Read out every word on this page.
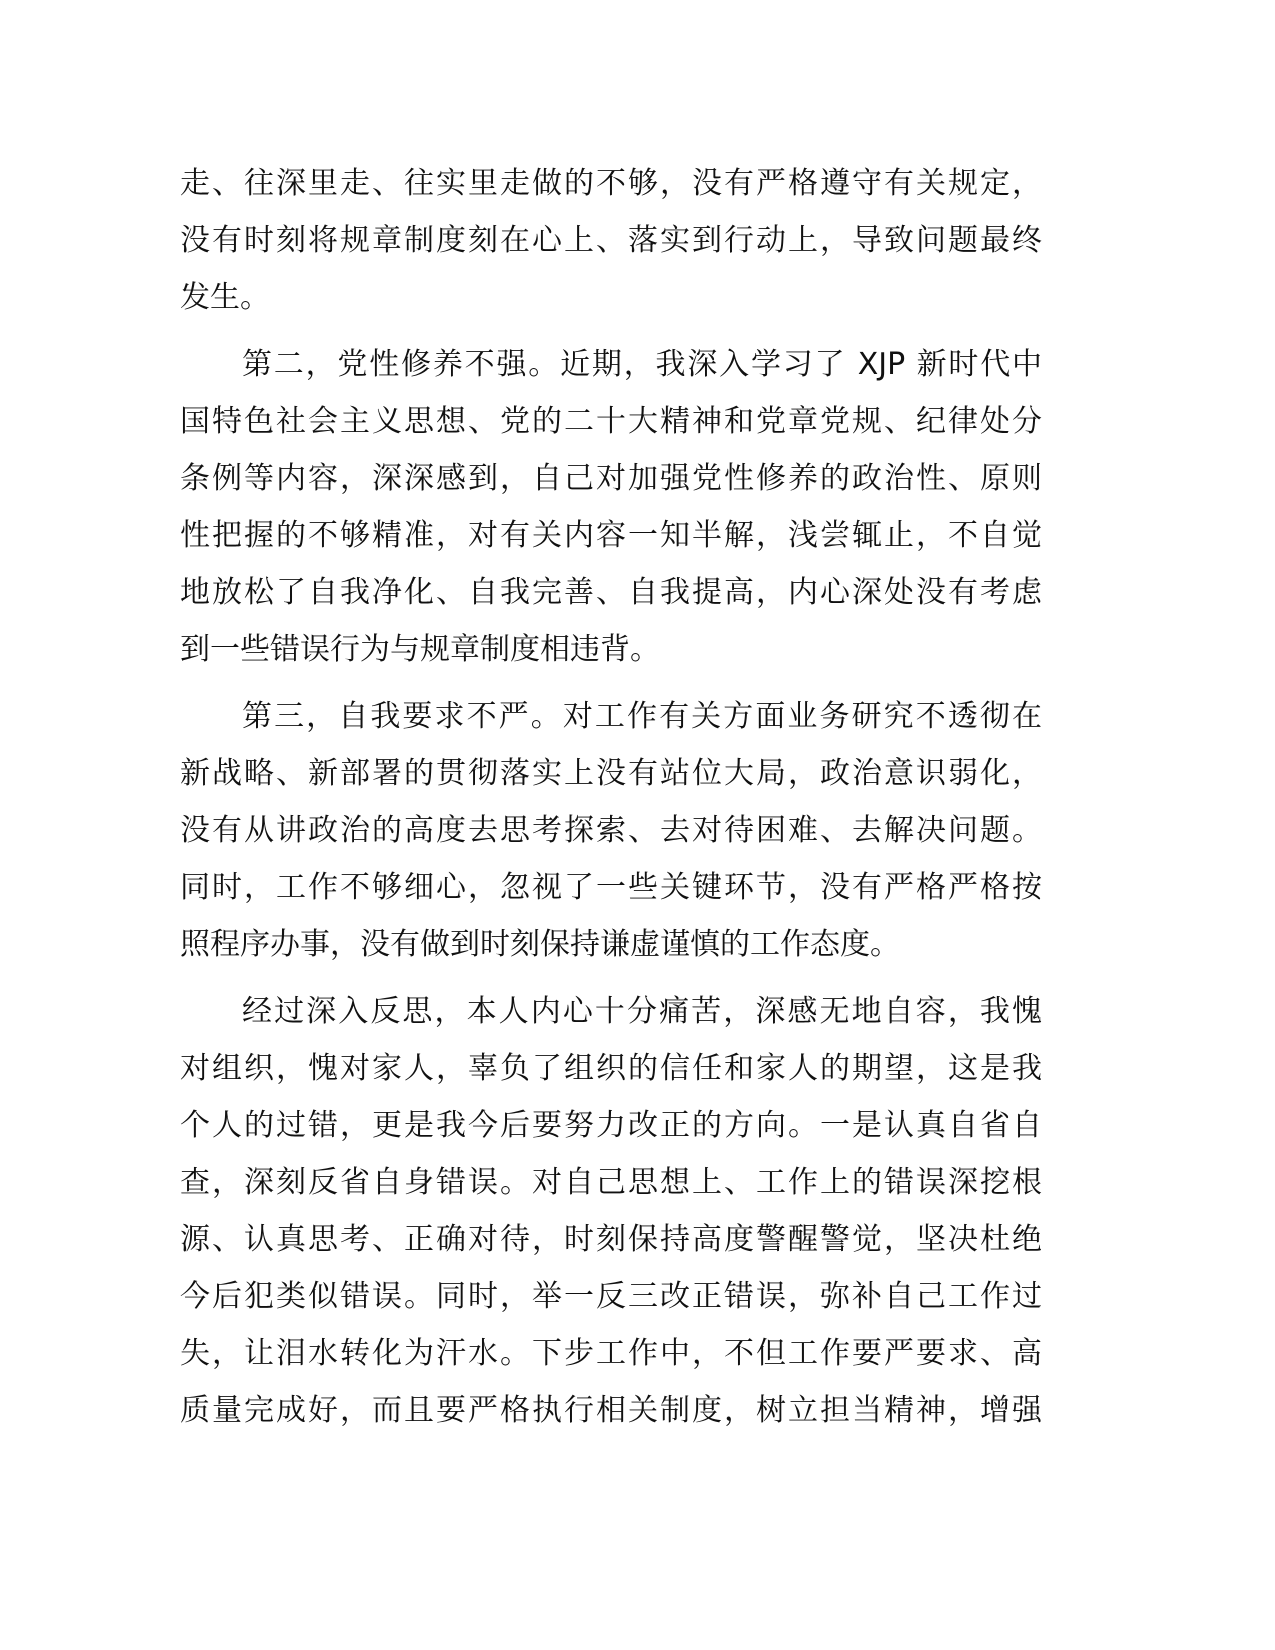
走、往深里走、往实里走做的不够，没有严格遵守有关规定，
没有时刻将规章制度刻在心上、落实到行动上，导致问题最终
发生。
第二，党性修养不强。近期，我深入学习了 XJP 新时代中
国特色社会主义思想、党的二十大精神和党章党规、纪律处分
条例等内容，深深感到，自己对加强党性修养的政治性、原则
性把握的不够精准，对有关内容一知半解，浅尝辄止，不自觉
地放松了自我净化、自我完善、自我提高，内心深处没有考虑
到一些错误行为与规章制度相违背。
第三，自我要求不严。对工作有关方面业务研究不透彻在
新战略、新部署的贯彻落实上没有站位大局，政治意识弱化，
没有从讲政治的高度去思考探索、去对待困难、去解决问题。
同时，工作不够细心，忽视了一些关键环节，没有严格严格按
照程序办事，没有做到时刻保持谦虚谨慎的工作态度。
经过深入反思，本人内心十分痛苦，深感无地自容，我愧
对组织，愧对家人，辜负了组织的信任和家人的期望，这是我
个人的过错，更是我今后要努力改正的方向。一是认真自省自
查，深刻反省自身错误。对自己思想上、工作上的错误深挖根
源、认真思考、正确对待，时刻保持高度警醒警觉，坚决杜绝
今后犯类似错误。同时，举一反三改正错误，弥补自己工作过
失，让泪水转化为汗水。下步工作中，不但工作要严要求、高
质量完成好，而且要严格执行相关制度，树立担当精神，增强
